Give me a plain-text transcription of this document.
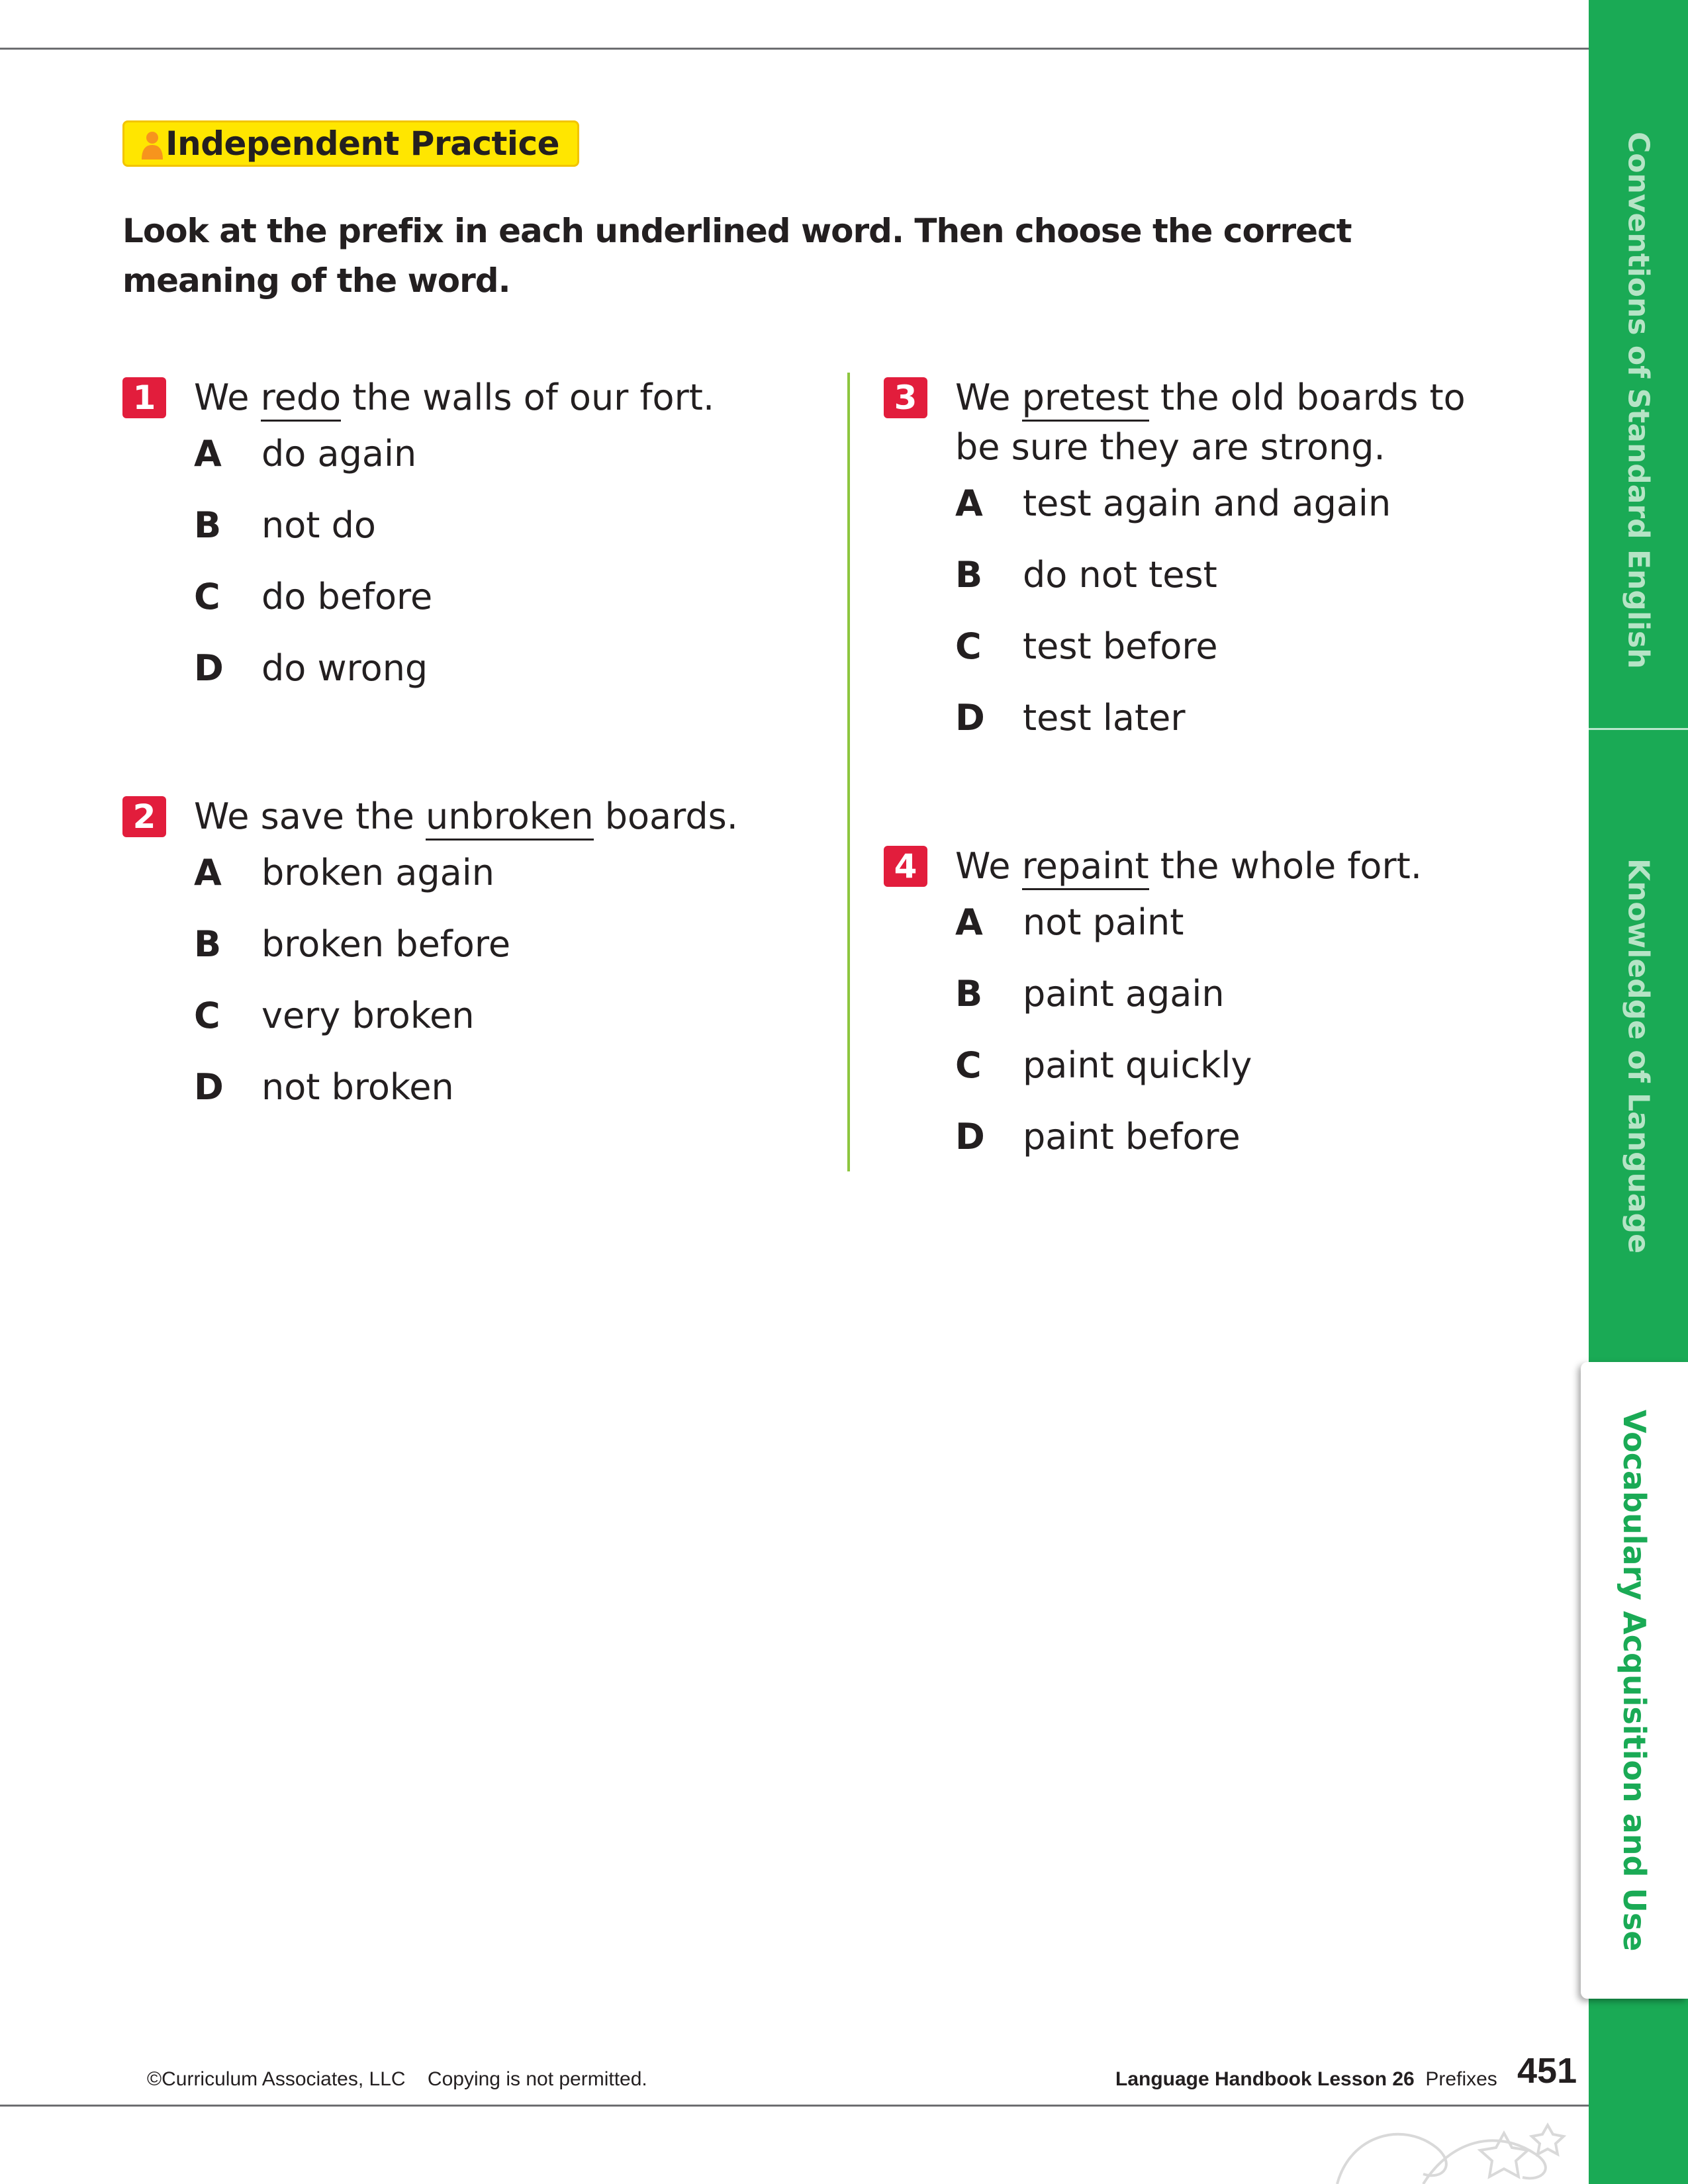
Conventions of Standard English
Knowledge of Language
Vocabulary Acquisition and Use
Independent Practice
Look at the prefix in each underlined word. Then choose the correct meaning of the word.
1 We redo the walls of our fort.
A	do again
B	not do
C	do before
D	do wrong
2 We save the unbroken boards.
A	broken again
B	broken before
C	very broken
D	not broken
3 We pretest the old boards to be sure they are strong.
A	test again and again
B	do not test
C	test before
D	test later
4 We repaint the whole fort.
A	not paint
B	paint again
C	paint quickly
D	paint before
©Curriculum Associates, LLC Copying is not permitted.	Language Handbook Lesson 26 Prefixes 451
